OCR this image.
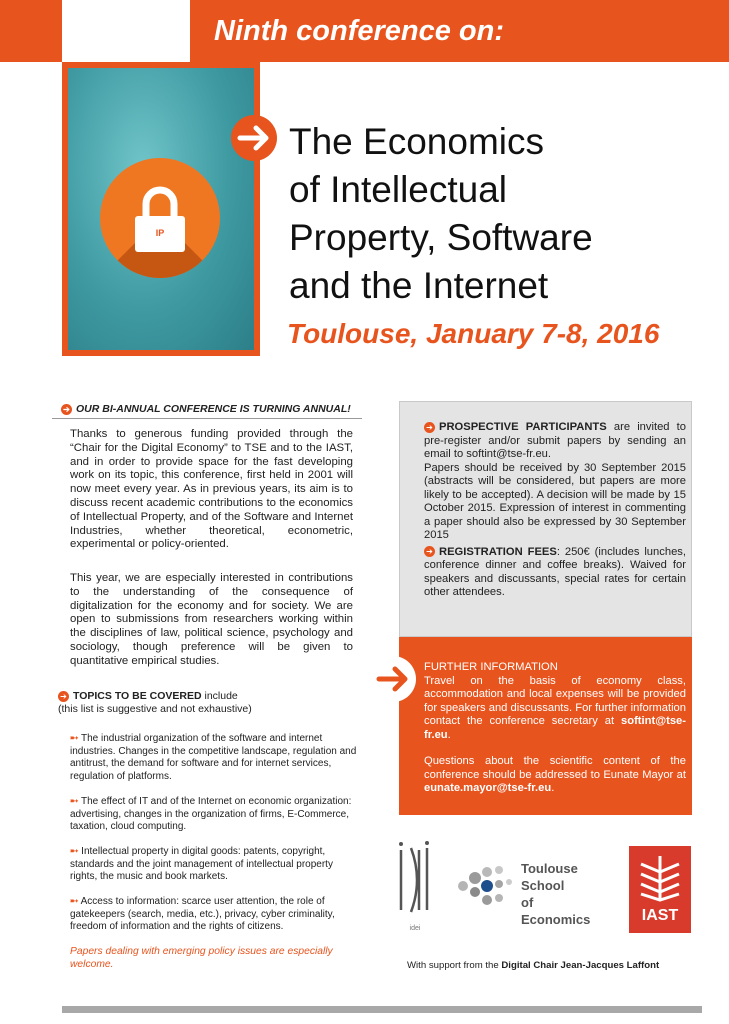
Ninth conference on:
IP
The Economics
of Intellectual
Property, Software
and the Internet
Toulouse, January 7-8, 2016
➔ OUR BI-ANNUAL CONFERENCE IS TURNING ANNUAL!
Thanks to generous funding provided through the “Chair for the Digital Economy” to TSE and to the IAST, and in order to provide space for the fast developing work on its topic, this conference, first held in 2001 will now meet every year. As in previous years, its aim is to discuss recent academic contributions to the economics of Intellectual Property, and of the Software and Internet Industries, whether theoretical, econometric, experimental or policy-oriented.
This year, we are especially interested in contributions to the understanding of the consequence of digitalization for the economy and for society. We are open to submissions from researchers working within the disciplines of law, political science, psychology and sociology, though preference will be given to quantitative empirical studies.
➔ TOPICS TO BE COVERED include
(this list is suggestive and not exhaustive)
➸ The industrial organization of the software and internet industries. Changes in the competitive landscape, regulation and antitrust, the demand for software and for internet services, regulation of platforms.
➸ The effect of IT and of the Internet on economic organization: advertising, changes in the organization of firms, E-Commerce, taxation, cloud computing.
➸ Intellectual property in digital goods: patents, copyright, standards and the joint management of intellectual property rights, the music and book markets.
➸ Access to information: scarce user attention, the role of gatekeepers (search, media, etc.), privacy, cyber criminality, freedom of information and the rights of citizens.
Papers dealing with emerging policy issues are especially welcome.
➔ PROSPECTIVE PARTICIPANTS are invited to pre-register and/or submit papers by sending an email to softint@tse-fr.eu.
Papers should be received by 30 September 2015 (abstracts will be considered, but papers are more likely to be accepted). A decision will be made by 15 October 2015. Expression of interest in commenting a paper should also be expressed by 30 September 2015
➔ REGISTRATION FEES: 250€ (includes lunches, conference dinner and coffee breaks). Waived for speakers and discussants, special rates for certain other attendees.
FURTHER INFORMATION
Travel on the basis of economy class, accommodation and local expenses will be provided for speakers and discussants. For further information contact the conference secretary at softint@tse-fr.eu.
Questions about the scientific content of the conference should be addressed to Eunate Mayor at eunate.mayor@tse-fr.eu.
idei
Toulouse
School
of Economics	IAST
With support from the Digital Chair Jean-Jacques Laffont
